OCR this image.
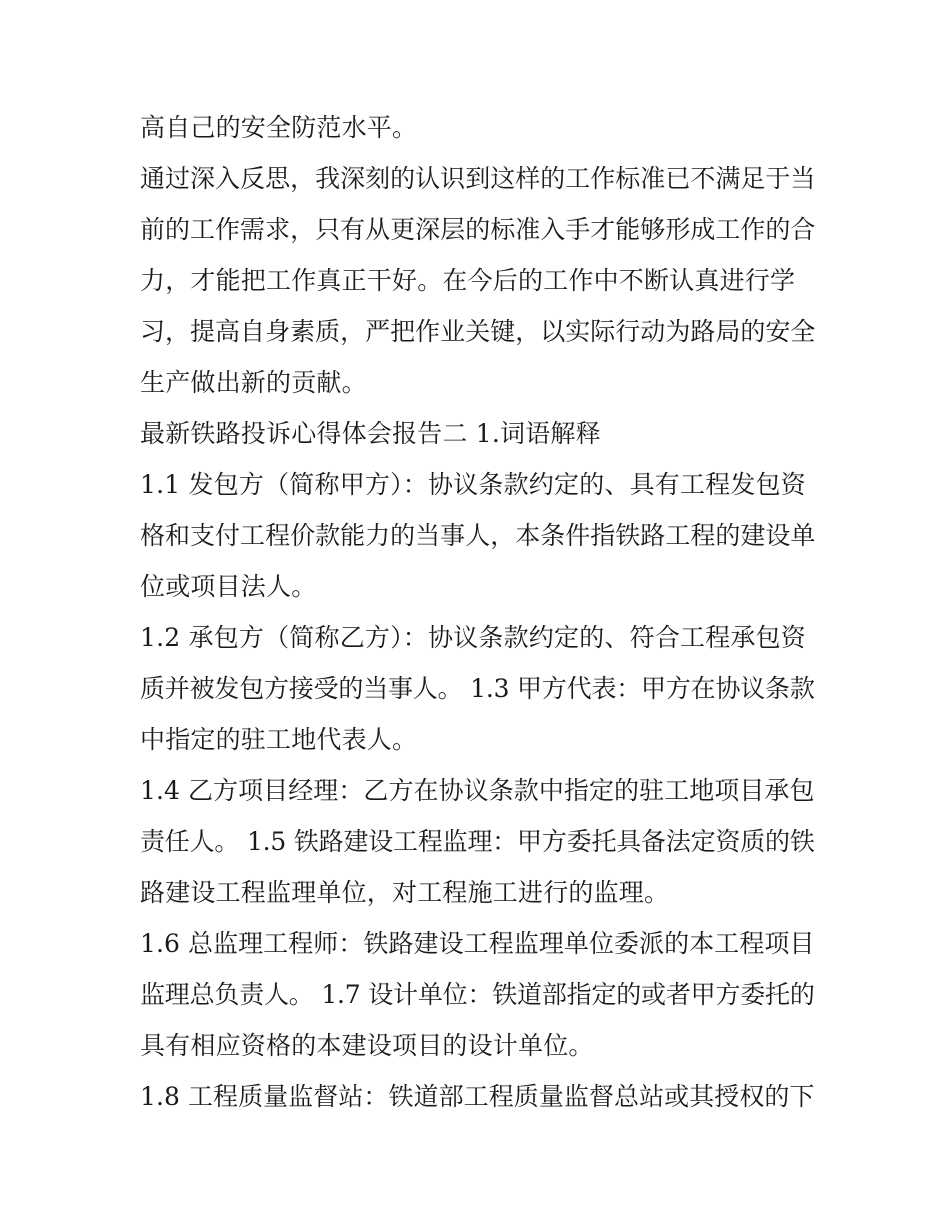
高自己的安全防范水平。
通过深入反思，我深刻的认识到这样的工作标准已不满足于当
前的工作需求，只有从更深层的标准入手才能够形成工作的合
力，才能把工作真正干好。在今后的工作中不断认真进行学
习，提高自身素质，严把作业关键，以实际行动为路局的安全
生产做出新的贡献。
最新铁路投诉心得体会报告二 1.词语解释
1.1 发包方（简称甲方）：协议条款约定的、具有工程发包资
格和支付工程价款能力的当事人，本条件指铁路工程的建设单
位或项目法人。
1.2 承包方（简称乙方）：协议条款约定的、符合工程承包资
质并被发包方接受的当事人。 1.3 甲方代表：甲方在协议条款
中指定的驻工地代表人。
1.4 乙方项目经理：乙方在协议条款中指定的驻工地项目承包
责任人。 1.5 铁路建设工程监理：甲方委托具备法定资质的铁
路建设工程监理单位，对工程施工进行的监理。
1.6 总监理工程师：铁路建设工程监理单位委派的本工程项目
监理总负责人。 1.7 设计单位：铁道部指定的或者甲方委托的
具有相应资格的本建设项目的设计单位。
1.8 工程质量监督站：铁道部工程质量监督总站或其授权的下
